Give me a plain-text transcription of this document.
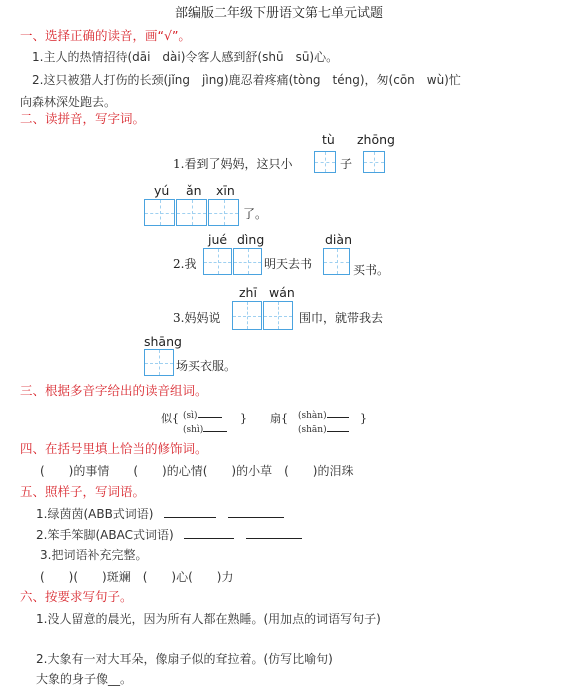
部编版二年级下册语文第七单元试题
一、选择正确的读音，画“√”。
1.主人的热情招待(dāi　dài)令客人感到舒(shū　sū)心。
2.这只被猎人打伤的长颈(jǐng　jìng)鹿忍着疼痛(tòng　téng)，匆(cōn　wù)忙
向森林深处跑去。
二、读拼音，写字词。
tù zhōng
1.看到了妈妈，这只小	子
yú ǎn xīn
了。
jué dìng	diàn
2.我	明天去书	买书。
zhī wán
3.妈妈说	围巾，就带我去
shāng
场买衣服。
三、根据多音字给出的读音组词。
似{ (sì)
(shì)
} 扇{ (shàn)
(shān)
}
四、在括号里填上恰当的修饰词。
(　　)的事情　　(　　)的心情(　　)的小草　(　　)的泪珠
五、照样子，写词语。
1.绿茵茵(ABB式词语)
2.笨手笨脚(ABAC式词语)
3.把词语补充完整。
(　　)(　　)斑斓　(　　)心(　　)力
六、按要求写句子。
1.没人留意的晨光，因为所有人都在熟睡。(用加点的词语写句子)
2.大象有一对大耳朵，像扇子似的耷拉着。(仿写比喻句)
大象的身子像__。
